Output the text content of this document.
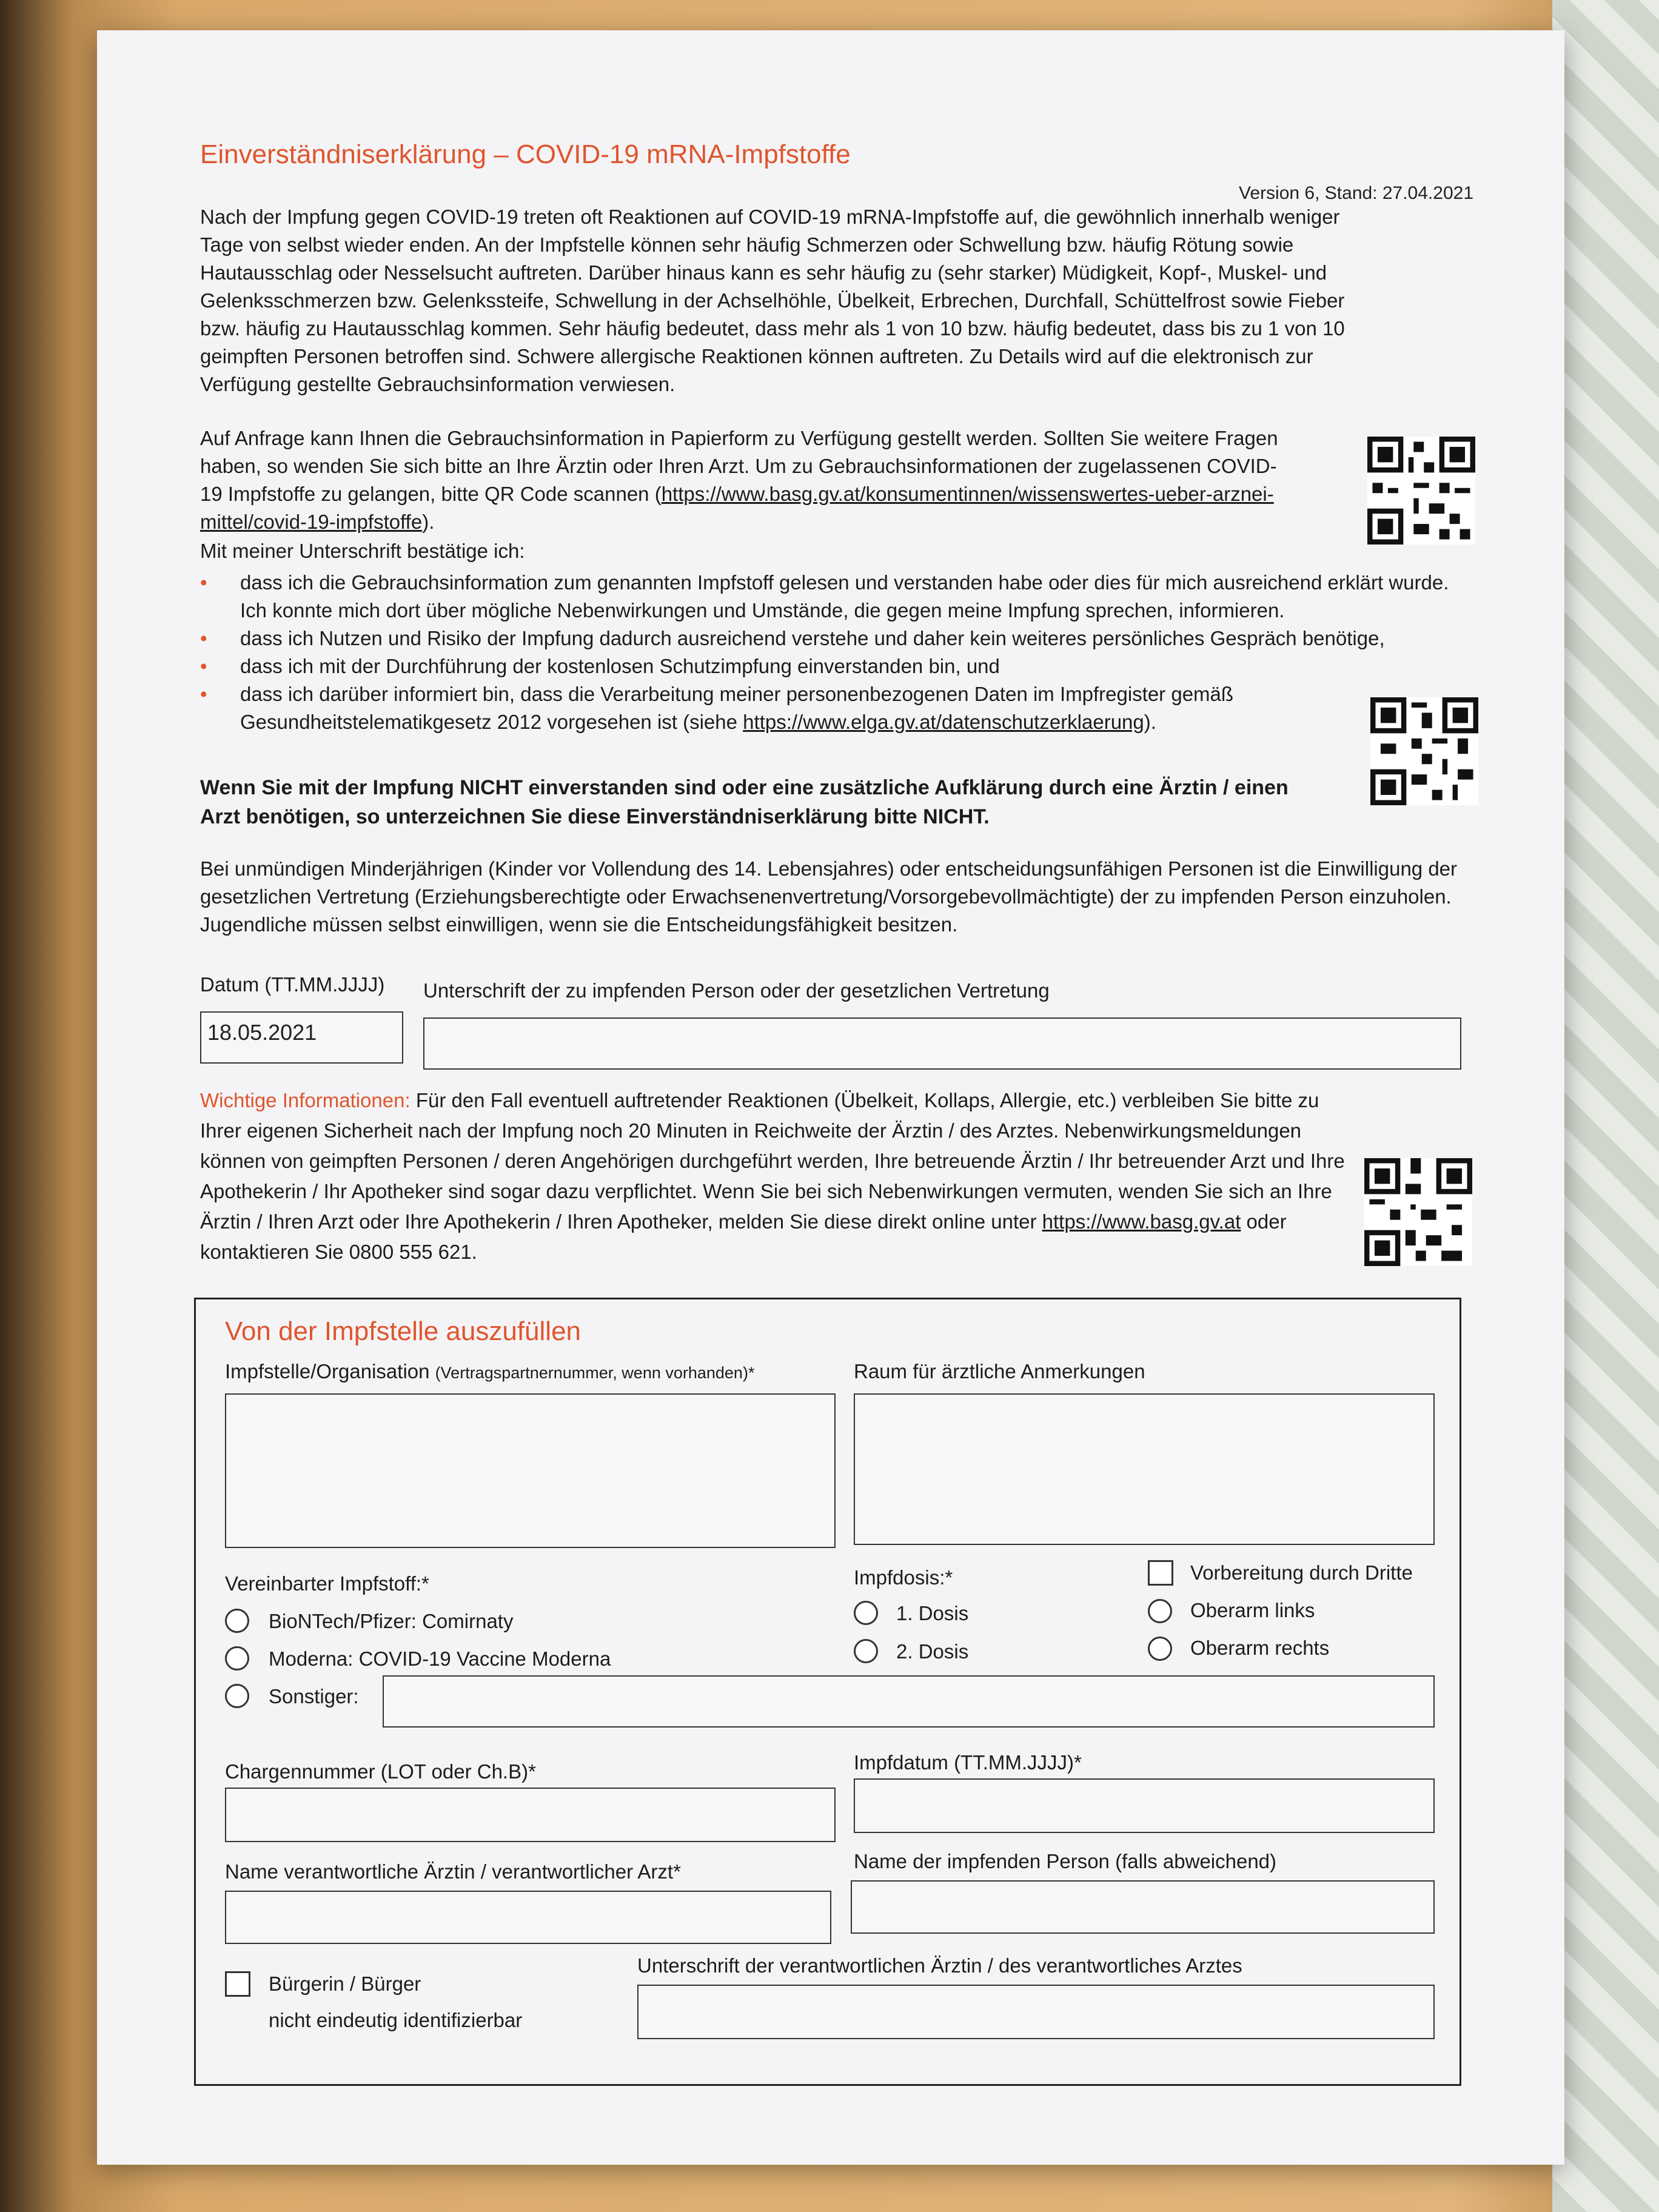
Einverständniserklärung – COVID-19 mRNA-Impfstoffe
Version 6, Stand: 27.04.2021
Nach der Impfung gegen COVID-19 treten oft Reaktionen auf COVID-19 mRNA-Impfstoffe auf, die gewöhnlich innerhalb weniger Tage von selbst wieder enden. An der Impfstelle können sehr häufig Schmerzen oder Schwellung bzw. häufig Rötung sowie Hautausschlag oder Nesselsucht auftreten. Darüber hinaus kann es sehr häufig zu (sehr starker) Müdigkeit, Kopf-, Muskel- und Gelenksschmerzen bzw. Gelenkssteife, Schwellung in der Achselhöhle, Übelkeit, Erbrechen, Durchfall, Schüttelfrost sowie Fieber bzw. häufig zu Hautausschlag kommen. Sehr häufig bedeutet, dass mehr als 1 von 10 bzw. häufig bedeutet, dass bis zu 1 von 10 geimpften Personen betroffen sind. Schwere allergische Reaktionen können auftreten. Zu Details wird auf die elektronisch zur Verfügung gestellte Gebrauchsinformation verwiesen.
Auf Anfrage kann Ihnen die Gebrauchsinformation in Papierform zu Verfügung gestellt werden. Sollten Sie weitere Fragen haben, so wenden Sie sich bitte an Ihre Ärztin oder Ihren Arzt. Um zu Gebrauchsinformationen der zugelassenen COVID-19 Impfstoffe zu gelangen, bitte QR Code scannen (https://www.basg.gv.at/konsumentinnen/wissenswertes-ueber-arznei-mittel/covid-19-impfstoffe).
Mit meiner Unterschrift bestätige ich:
• dass ich die Gebrauchsinformation zum genannten Impfstoff gelesen und verstanden habe oder dies für mich ausreichend erklärt wurde. Ich konnte mich dort über mögliche Nebenwirkungen und Umstände, die gegen meine Impfung sprechen, informieren.
• dass ich Nutzen und Risiko der Impfung dadurch ausreichend verstehe und daher kein weiteres persönliches Gespräch benötige,
• dass ich mit der Durchführung der kostenlosen Schutzimpfung einverstanden bin, und
• dass ich darüber informiert bin, dass die Verarbeitung meiner personenbezogenen Daten im Impfregister gemäß Gesundheitstelematikgesetz 2012 vorgesehen ist (siehe https://www.elga.gv.at/datenschutzerklaerung).
Wenn Sie mit der Impfung NICHT einverstanden sind oder eine zusätzliche Aufklärung durch eine Ärztin / einen Arzt benötigen, so unterzeichnen Sie diese Einverständniserklärung bitte NICHT.
Bei unmündigen Minderjährigen (Kinder vor Vollendung des 14. Lebensjahres) oder entscheidungsunfähigen Personen ist die Einwilligung der gesetzlichen Vertretung (Erziehungsberechtigte oder Erwachsenenvertretung/Vorsorgebevollmächtigte) der zu impfenden Person einzuholen. Jugendliche müssen selbst einwilligen, wenn sie die Entscheidungsfähigkeit besitzen.
Datum (TT.MM.JJJJ) Unterschrift der zu impfenden Person oder der gesetzlichen Vertretung
18.05.2021
Wichtige Informationen: Für den Fall eventuell auftretender Reaktionen (Übelkeit, Kollaps, Allergie, etc.) verbleiben Sie bitte zu Ihrer eigenen Sicherheit nach der Impfung noch 20 Minuten in Reichweite der Ärztin / des Arztes. Nebenwirkungsmeldungen können von geimpften Personen / deren Angehörigen durchgeführt werden, Ihre betreuende Ärztin / Ihr betreuender Arzt und Ihre Apothekerin / Ihr Apotheker sind sogar dazu verpflichtet. Wenn Sie bei sich Nebenwirkungen vermuten, wenden Sie sich an Ihre Ärztin / Ihren Arzt oder Ihre Apothekerin / Ihren Apotheker, melden Sie diese direkt online unter https://www.basg.gv.at oder kontaktieren Sie 0800 555 621.
Von der Impfstelle auszufüllen
Impfstelle/Organisation (Vertragspartnernummer, wenn vorhanden)*	Raum für ärztliche Anmerkungen
Vereinbarter Impfstoff:*
BioNTech/Pfizer: Comirnaty
Moderna: COVID-19 Vaccine Moderna
Sonstiger:
Impfdosis:*
1. Dosis
2. Dosis
Vorbereitung durch Dritte
Oberarm links
Oberarm rechts
Chargennummer (LOT oder Ch.B)*	Impfdatum (TT.MM.JJJJ)*
Name verantwortliche Ärztin / verantwortlicher Arzt*	Name der impfenden Person (falls abweichend)
Bürgerin / Bürger
nicht eindeutig identifizierbar
Unterschrift der verantwortlichen Ärztin / des verantwortliches Arztes
